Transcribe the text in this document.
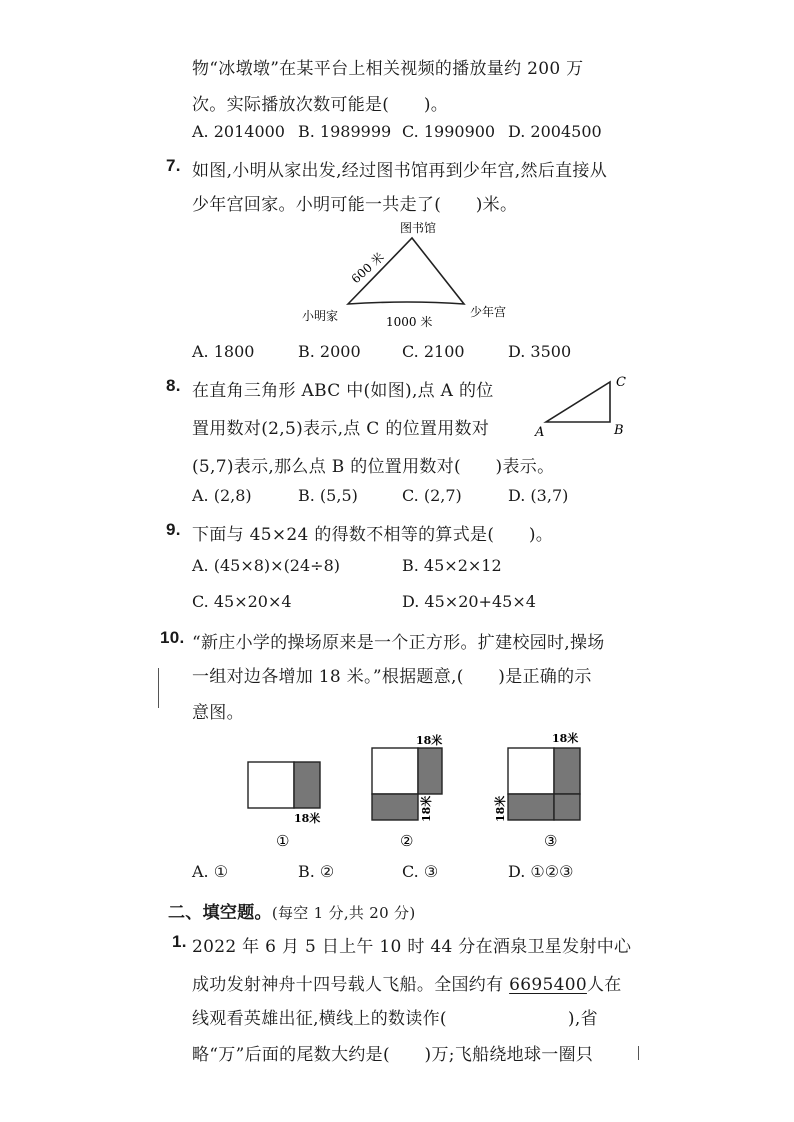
物“冰墩墩”在某平台上相关视频的播放量约 200 万
次。实际播放次数可能是(　　)。
A. 2014000 B. 1989999 C. 1990900 D. 2004500
7. 如图,小明从家出发,经过图书馆再到少年宫,然后直接从
少年宫回家。小明可能一共走了(　　)米。
图书馆
小明家	少年宫
600 米
1000 米
A. 1800	B. 2000	C. 2100	D. 3500
8. 在直角三角形 ABC 中(如图),点 A 的位
置用数对(2,5)表示,点 C 的位置用数对
(5,7)表示,那么点 B 的位置用数对(　　)表示。
A	B
C
A. (2,8)	B. (5,5)	C. (2,7)	D. (3,7)
9. 下面与 45×24 的得数不相等的算式是(　　)。
A. (45×8)×(24÷8)	B. 45×2×12
C. 45×20×4	D. 45×20+45×4
10. “新庄小学的操场原来是一个正方形。扩建校园时,操场
一组对边各增加 18 米。”根据题意,(　　)是正确的示
意图。
18米
①
18米
18米
②
18米
18米
③
A. ①	B. ②	C. ③	D. ①②③
二、填空题。(每空 1 分,共 20 分)
1. 2022 年 6 月 5 日上午 10 时 44 分在酒泉卫星发射中心
成功发射神舟十四号载人飞船。全国约有 6695400人在
线观看英雄出征,横线上的数读作(　　　　　　　),省
略“万”后面的尾数大约是(　　)万;飞船绕地球一圈只
